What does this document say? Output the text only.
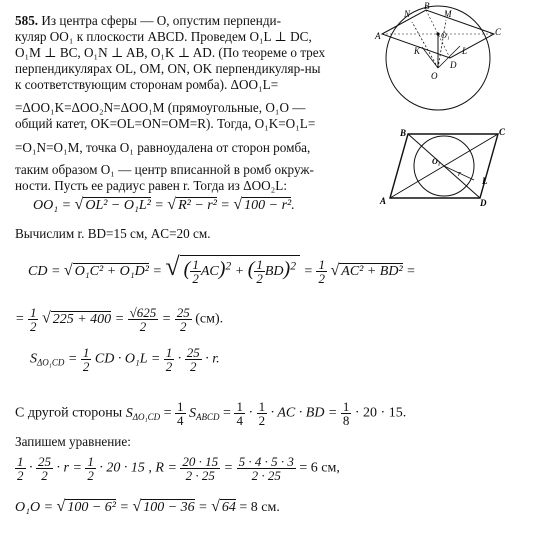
585. Из центра сферы — O, опустим перпенди-
куляр OO₁ к плоскости ABCD. Проведем O₁L ⊥ DC,
O₁M ⊥ BC, O₁N ⊥ AB, O₁K ⊥ AD. (По теореме о трех
перпендикулярах OL, OM, ON, OK перпендикуляр-ны
к соответствующим сторонам ромба). ΔOO₁L=
=ΔOO₁K=ΔOO₂N=ΔOO₁M (прямоугольные, O₁O —
общий катет, OK=OL=ON=OM=R). Тогда, O₁K=O₁L=
=O₁N=O₁M, точка O₁ равноудалена от сторон ромба,
таким образом O₁ — центр вписанной в ромб окруж-
ности. Пусть ее радиус равен r. Тогда из ΔOO₂L:
N
B
M
A	O₁	C
O
D
L
K
B	C
A	D
O₁
r
L
OO₁ = √ OL² − O₁L² = √ R² − r² = √ 100 − r².
Вычислим r. BD=15 см, AC=20 см.
CD = √ O₁C² + O₁D² = √ ( $\frac{1}{2} AC)^2$ + ( $\frac{1}{2} BD)^2 = \frac{1}{2}$ √ AC² + BD² =
= $\frac{1}{2}$ √ $225 + 400 = \frac{√625}{2} = \frac{25}{2} (см)$.
$S_{\Delta O_1CD} = \frac{1}{2}$ CD · $O_1L = \frac{1}{2} \cdot \frac{25}{2} \cdot r$.
С другой стороны $S_{\Delta O_1CD} = \frac{1}{4} S_{ABCD} = \frac{1}{4} \cdot \frac{1}{2}$ · AC · BD = $\frac{1}{8} \cdot 20 \cdot 15$.
Запишем уравнение:
$\frac{1}{2} \cdot \frac{25}{2} \cdot r = \frac{1}{2} \cdot 20 \cdot 15$ , $R = \frac{20 \cdot 15}{2 \cdot 25} = \frac{5 \cdot 4 \cdot 5 \cdot 3}{2 \cdot 25} = 6$ см,
O₁O = √ 100 − 6² = √ 100 − 36 = √ 64 = 8 см.
